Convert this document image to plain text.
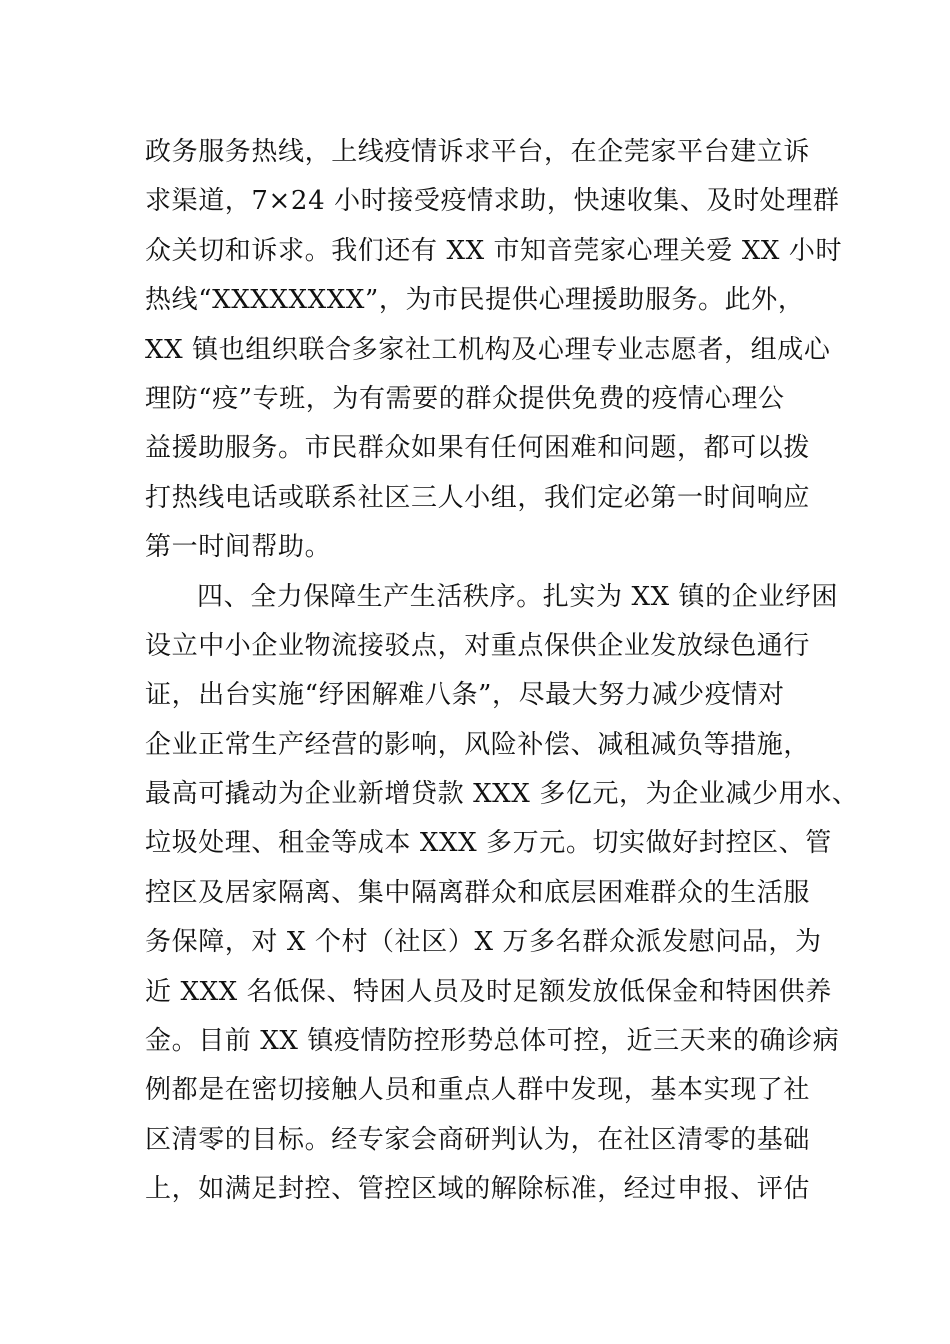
政务服务热线，上线疫情诉求平台，在企莞家平台建立诉
求渠道，7×24 小时接受疫情求助，快速收集、及时处理群
众关切和诉求。我们还有 XX 市知音莞家心理关爱 XX 小时
热线“XXXXXXXX”，为市民提供心理援助服务。此外，
XX 镇也组织联合多家社工机构及心理专业志愿者，组成心
理防“疫”专班，为有需要的群众提供免费的疫情心理公
益援助服务。市民群众如果有任何困难和问题，都可以拨
打热线电话或联系社区三人小组，我们定必第一时间响应
第一时间帮助。
四、全力保障生产生活秩序。扎实为 XX 镇的企业纾困
设立中小企业物流接驳点，对重点保供企业发放绿色通行
证，出台实施“纾困解难八条”，尽最大努力减少疫情对
企业正常生产经营的影响，风险补偿、减租减负等措施，
最高可撬动为企业新增贷款 XXX 多亿元，为企业减少用水、
垃圾处理、租金等成本 XXX 多万元。切实做好封控区、管
控区及居家隔离、集中隔离群众和底层困难群众的生活服
务保障，对 X 个村（社区）X 万多名群众派发慰问品，为
近 XXX 名低保、特困人员及时足额发放低保金和特困供养
金。目前 XX 镇疫情防控形势总体可控，近三天来的确诊病
例都是在密切接触人员和重点人群中发现，基本实现了社
区清零的目标。经专家会商研判认为，在社区清零的基础
上，如满足封控、管控区域的解除标准，经过申报、评估
